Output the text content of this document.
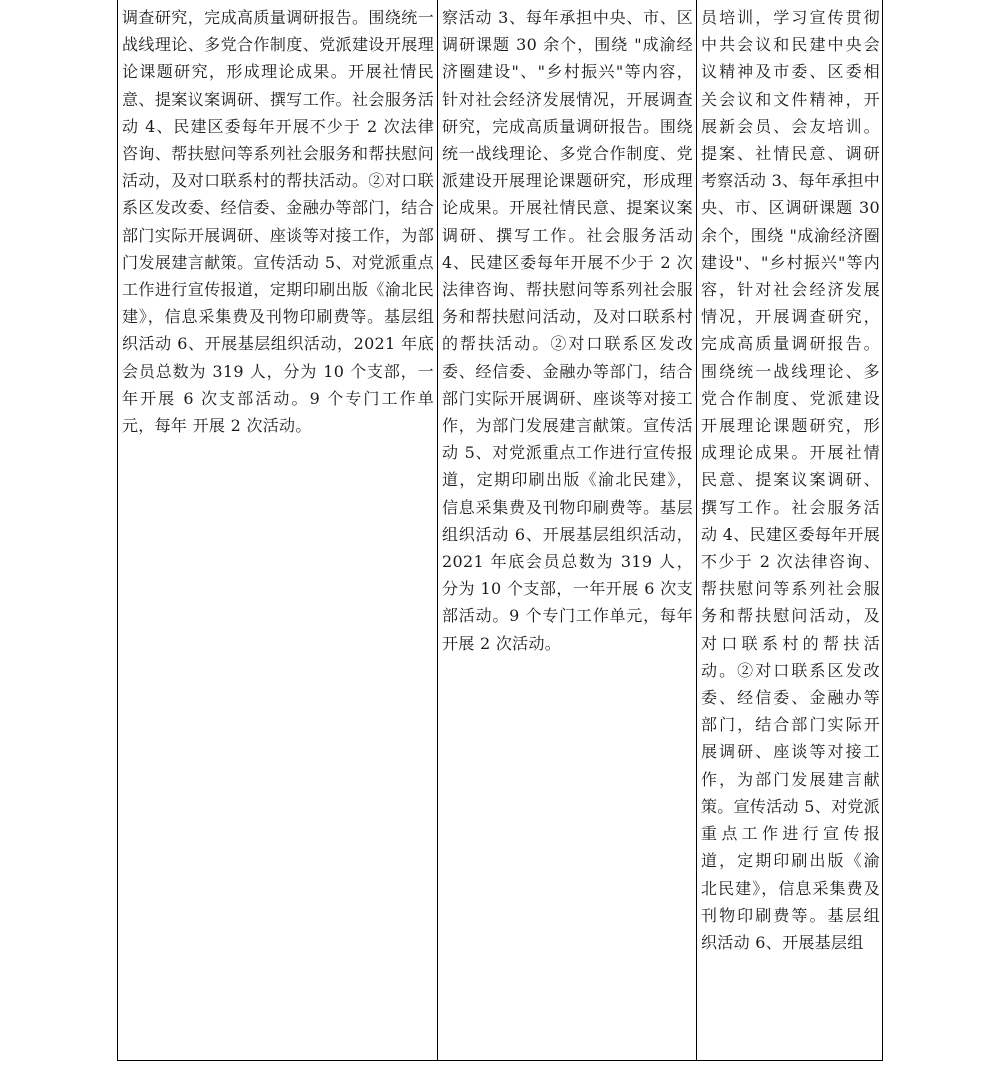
调查研究，完成高质量调研报告。围绕统一战线理论、多党合作制度、党派建设开展理论课题研究，形成理论成果。开展社情民意、提案议案调研、撰写工作。社会服务活动 4、民建区委每年开展不少于 2 次法律咨询、帮扶慰问等系列社会服务和帮扶慰问活动，及对口联系村的帮扶活动。②对口联系区发改委、经信委、金融办等部门，结合部门实际开展调研、座谈等对接工作，为部门发展建言献策。宣传活动 5、对党派重点工作进行宣传报道，定期印刷出版《渝北民建》，信息采集费及刊物印刷费等。基层组织活动 6、开展基层组织活动，2021 年底会员总数为 319 人，分为 10 个支部，一年开展 6 次支部活动。9 个专门工作单元，每年 开展 2 次活动。

察活动 3、每年承担中央、市、区调研课题 30 余个，围绕 "成渝经济圈建设"、"乡村振兴"等内容，针对社会经济发展情况，开展调查研究，完成高质量调研报告。围绕统一战线理论、多党合作制度、党派建设开展理论课题研究，形成理论成果。开展社情民意、提案议案调研、撰写工作。社会服务活动 4、民建区委每年开展不少于 2 次法律咨询、帮扶慰问等系列社会服务和帮扶慰问活动，及对口联系村的帮扶活动。②对口联系区发改委、经信委、金融办等部门，结合部门实际开展调研、座谈等对接工作，为部门发展建言献策。宣传活动 5、对党派重点工作进行宣传报道，定期印刷出版《渝北民建》，信息采集费及刊物印刷费等。基层组织活动 6、开展基层组织活动，2021 年底会员总数为 319 人，分为 10 个支部，一年开展 6 次支部活动。9 个专门工作单元，每年开展 2 次活动。

员培训，学习宣传贯彻中共会议和民建中央会议精神及市委、区委相关会议和文件精神，开展新会员、会友培训。提案、社情民意、调研考察活动 3、每年承担中央、市、区调研课题 30 余个，围绕 "成渝经济圈建设"、"乡村振兴"等内容，针对社会经济发展情况，开展调查研究，完成高质量调研报告。围绕统一战线理论、多党合作制度、党派建设开展理论课题研究，形成理论成果。开展社情民意、提案议案调研、撰写工作。社会服务活动 4、民建区委每年开展不少于 2 次法律咨询、帮扶慰问等系列社会服务和帮扶慰问活动，及对口联系村的帮扶活动。②对口联系区发改委、经信委、金融办等部门，结合部门实际开展调研、座谈等对接工作，为部门发展建言献策。宣传活动 5、对党派重点工作进行宣传报道，定期印刷出版《渝北民建》，信息采集费及刊物印刷费等。基层组织活动 6、开展基层组
